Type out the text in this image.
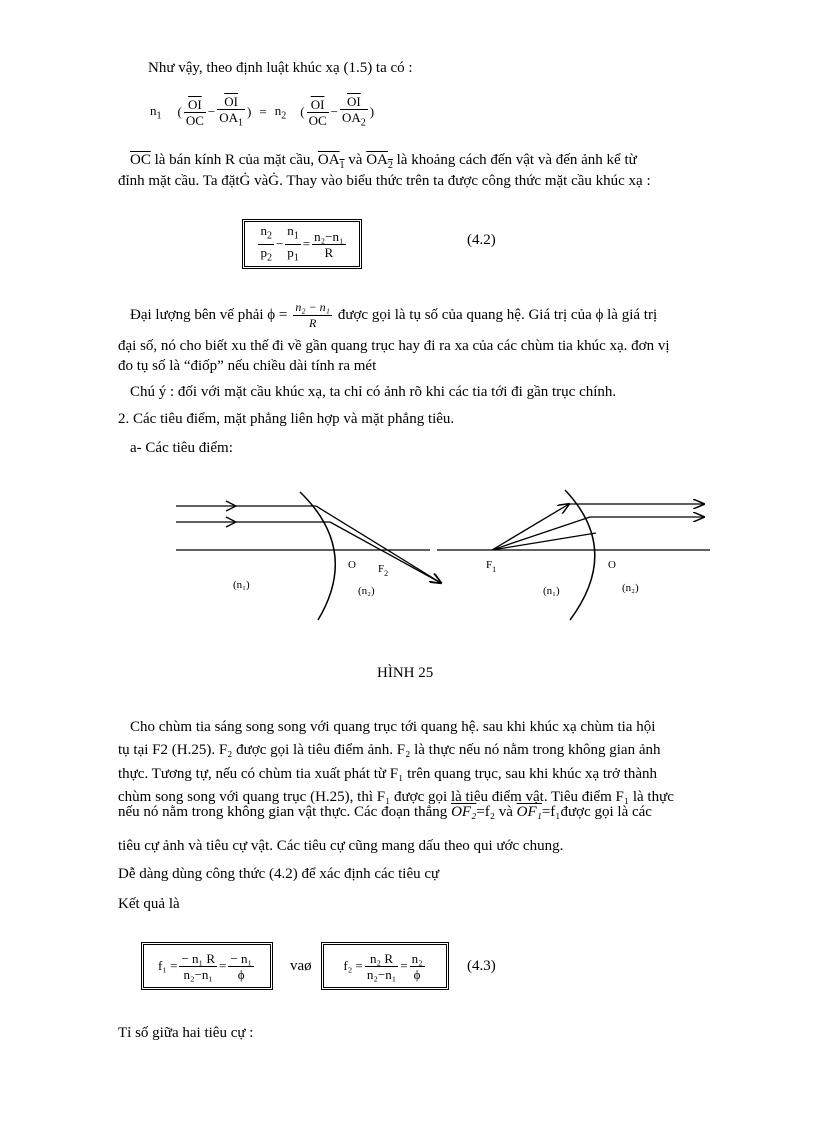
Như vậy, theo định luật khúc xạ (1.5) ta có :
$n_1$ ( $\frac{\overline{OI}}{OC} - \frac{\overline{OI}}{OA_1}$ ) = $n_2$ ( $\frac{\overline{OI}}{OC} - \frac{\overline{OI}}{OA_2}$ )
$\overline{OC}$ là bán kính R của mặt cầu, $OA_1$ và $OA_2$ là khoảng cách đến vật và đến ảnh kể từ
đỉnh mặt cầu. Ta đặtĠ vàĠ. Thay vào biểu thức trên ta được công thức mặt cầu khúc xạ :
$\frac{n_2}{p_2} - \frac{n_1}{p_1} = \frac{\text{n₂−n₁}}{R}$	(4.2)
Đại lượng bên vế phải $\phi = \frac{\text{n₂ − n₁}}{R}$ được gọi là tụ số của quang hệ. Giá trị của ϕ là giá trị
đại số, nó cho biết xu thế đi về gần quang trục hay đi ra xa của các chùm tia khúc xạ. đơn vị
đo tụ số là “điốp” nếu chiều dài tính ra mét
Chú ý : đối với mặt cầu khúc xạ, ta chỉ có ảnh rõ khi các tia tới đi gần trục chính.
2. Các tiêu điểm, mặt phẳng liên hợp và mặt phẳng tiêu.
a- Các tiêu điểm:
O $F_2$
(n₁)	(n₂)
$F_1$	O
(n₁)	(n₂)
HÌNH 25
Cho chùm tia sáng song song với quang trục tới quang hệ. sau khi khúc xạ chùm tia hội
tụ tại F2 (H.25). F₂ được gọi là tiêu điểm ảnh. F₂ là thực nếu nó nằm trong không gian ảnh
thực. Tương tự, nếu có chùm tia xuất phát từ F₁ trên quang trục, sau khi khúc xạ trở thành
chùm song song với quang trục (H.25), thì F₁ được gọi là tiêu điểm vật. Tiêu điểm F₁ là thực
nếu nó nằm trong không gian vật thực. Các đoạn thẳng OF₂=f₂ và OF₁=f₁được gọi là các
tiêu cự ảnh và tiêu cự vật. Các tiêu cự cũng mang dấu theo qui ước chung.
Dễ dàng dùng công thức (4.2) để xác định các tiêu cự
Kết quả là
$f_1 = \frac{\text{− n₁ R}}{\text{n₂−n₁}} = \frac{\text{− n₁}}{\phi}$ vaø $f_2 = \frac{\text{n₂ R}}{\text{n₂−n₁}} = \frac{\text{n₂}}{\phi}$	(4.3)
Tỉ số giữa hai tiêu cự :
